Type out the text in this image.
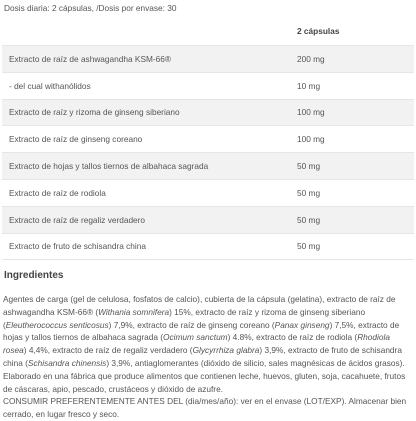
Dosis diaria: 2 cápsulas, /Dosis por envase: 30
	2 cápsulas
Extracto de raíz de ashwagandha KSM-66®	200 mg
- del cual withanólidos	10 mg
Extracto de raíz y rizoma de ginseng siberiano	100 mg
Extracto de raíz de ginseng coreano	100 mg
Extracto de hojas y tallos tiernos de albahaca sagrada	50 mg
Extracto de raíz de rodiola	50 mg
Extracto de raíz de regaliz verdadero	50 mg
Extracto de fruto de schisandra china	50 mg
Ingredientes

Agentes de carga (gel de celulosa, fosfatos de calcio), cubierta de la cápsula (gelatina), extracto de raíz de ashwagandha KSM-66® (Withania somnifera) 15%, extracto de raíz y rizoma de ginseng siberiano (Eleutherococcus senticosus) 7,9%, extracto de raíz de ginseng coreano (Panax ginseng) 7,5%, extracto de hojas y tallos tiernos de albahaca sagrada (Ocimum sanctum) 4.8%, extracto de raíz de rodiola (Rhodiola rosea) 4,4%, extracto de raíz de regaliz verdadero (Glycyrrhiza glabra) 3,9%, extracto de fruto de schisandra china (Schisandra chinensis) 3,9%, antiaglomerantes (dióxido de silicio, sales magnésicas de ácidos grasos).

Elaborado en una fábrica que produce alimentos que contienen leche, huevos, gluten, soja, cacahuete, frutos de cáscaras, apio, pescado, crustáceos y dióxido de azufre.

CONSUMIR PREFERENTEMENTE ANTES DEL (dia/mes/año): ver en el envase (LOT/EXP). Almacenar bien cerrado, en lugar fresco y seco.
